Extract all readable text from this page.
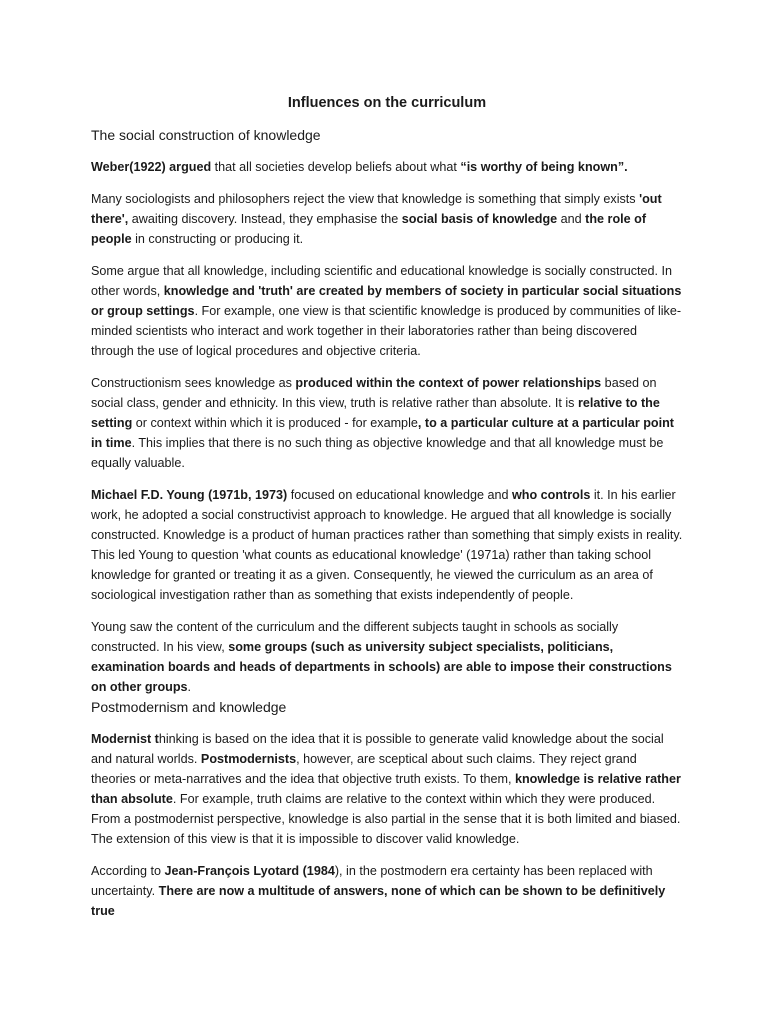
Influences on the curriculum
The social construction of knowledge

Weber(1922) argued that all societies develop beliefs about what “is worthy of being known”.

Many sociologists and philosophers reject the view that knowledge is something that simply exists 'out there', awaiting discovery. Instead, they emphasise the social basis of knowledge and the role of people in constructing or producing it.

Some argue that all knowledge, including scientific and educational knowledge is socially constructed. In other words, knowledge and 'truth' are created by members of society in particular social situations or group settings. For example, one view is that scientific knowledge is produced by communities of like-minded scientists who interact and work together in their laboratories rather than being discovered through the use of logical procedures and objective criteria.

Constructionism sees knowledge as produced within the context of power relationships based on social class, gender and ethnicity. In this view, truth is relative rather than absolute. It is relative to the setting or context within which it is produced - for example, to a particular culture at a particular point in time. This implies that there is no such thing as objective knowledge and that all knowledge must be equally valuable.

Michael F.D. Young (1971b, 1973) focused on educational knowledge and who controls it. In his earlier work, he adopted a social constructivist approach to knowledge. He argued that all knowledge is socially constructed. Knowledge is a product of human practices rather than something that simply exists in reality. This led Young to question 'what counts as educational knowledge' (1971a) rather than taking school knowledge for granted or treating it as a given. Consequently, he viewed the curriculum as an area of sociological investigation rather than as something that exists independently of people.

Young saw the content of the curriculum and the different subjects taught in schools as socially constructed. In his view, some groups (such as university subject specialists, politicians, examination boards and heads of departments in schools) are able to impose their constructions on other groups.

Postmodernism and knowledge

Modernist thinking is based on the idea that it is possible to generate valid knowledge about the social and natural worlds. Postmodernists, however, are sceptical about such claims. They reject grand theories or meta-narratives and the idea that objective truth exists. To them, knowledge is relative rather than absolute. For example, truth claims are relative to the context within which they were produced. From a postmodernist perspective, knowledge is also partial in the sense that it is both limited and biased. The extension of this view is that it is impossible to discover valid knowledge.

According to Jean-François Lyotard (1984), in the postmodern era certainty has been replaced with uncertainty. There are now a multitude of answers, none of which can be shown to be definitively true
